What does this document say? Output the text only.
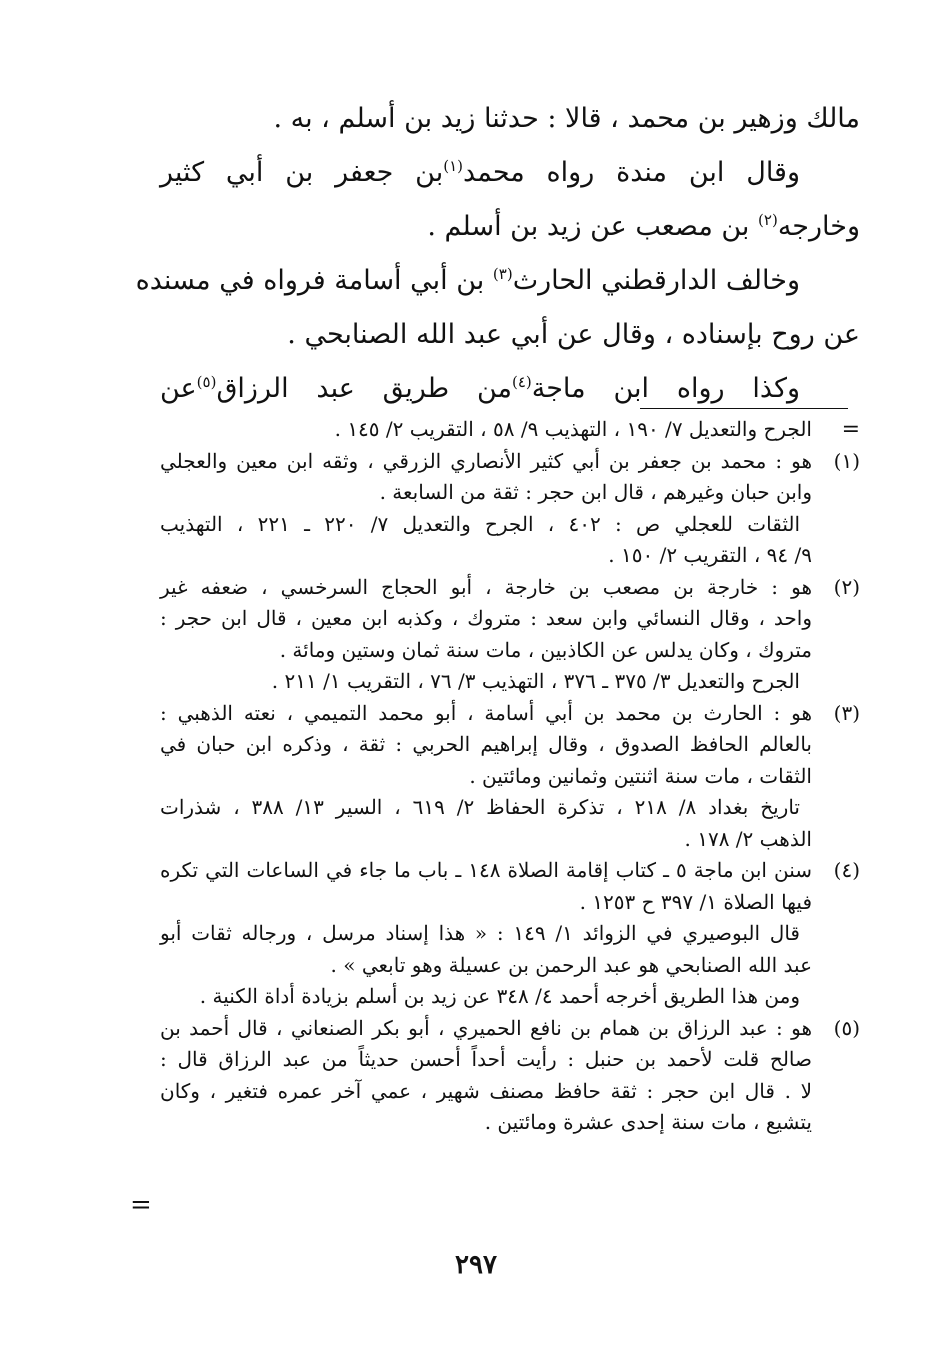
مالك وزهير بن محمد ، قالا : حدثنا زيد بن أسلم ، به .
وقال ابن مندة رواه محمد$^{(١)}$بن جعفر بن أبي كثير
وخارجه$^{(٢)}$ بن مصعب عن زيد بن أسلم .
وخالف الدارقطني الحارث$^{(٣)}$ بن أبي أسامة فرواه في مسنده
عن روح بإسناده ، وقال عن أبي عبد الله الصنابحي .
وكذا رواه ابن ماجة$^{(٤)}$من طريق عبد الرزاق$^{(٥)}$عن
=
الجرح والتعديل ٧/ ١٩٠ ، التهذيب ٩/ ٥٨ ، التقريب ٢/ ١٤٥ .
(١)
هو : محمد بن جعفر بن أبي كثير الأنصاري الزرقي ، وثقه ابن معين والعجلي
وابن حبان وغيرهم ، قال ابن حجر : ثقة من السابعة .
الثقات للعجلي ص : ٤٠٢ ، الجرح والتعديل ٧/ ٢٢٠ ـ ٢٢١ ، التهذيب
٩/ ٩٤ ، التقريب ٢/ ١٥٠ .
(٢)
هو : خارجة بن مصعب بن خارجة ، أبو الحجاج السرخسي ، ضعفه غير
واحد ، وقال النسائي وابن سعد : متروك ، وكذبه ابن معين ، قال ابن حجر :
متروك ، وكان يدلس عن الكاذبين ، مات سنة ثمان وستين ومائة .
الجرح والتعديل ٣/ ٣٧٥ ـ ٣٧٦ ، التهذيب ٣/ ٧٦ ، التقريب ١/ ٢١١ .
(٣)
هو : الحارث بن محمد بن أبي أسامة ، أبو محمد التميمي ، نعته الذهبي :
بالعالم الحافظ الصدوق ، وقال إبراهيم الحربي : ثقة ، وذكره ابن حبان في
الثقات ، مات سنة اثنتين وثمانين ومائتين .
تاريخ بغداد ٨/ ٢١٨ ، تذكرة الحفاظ ٢/ ٦١٩ ، السير ١٣/ ٣٨٨ ، شذرات
الذهب ٢/ ١٧٨ .
(٤)
سنن ابن ماجة ٥ ـ كتاب إقامة الصلاة ١٤٨ ـ باب ما جاء في الساعات التي تكره
فيها الصلاة ١/ ٣٩٧ ح ١٢٥٣ .
قال البوصيري في الزوائد ١/ ١٤٩ : « هذا إسناد مرسل ، ورجاله ثقات أبو
عبد الله الصنابحي هو عبد الرحمن بن عسيلة وهو تابعي » .
ومن هذا الطريق أخرجه أحمد ٤/ ٣٤٨ عن زيد بن أسلم بزيادة أداة الكنية .
(٥)
هو : عبد الرزاق بن همام بن نافع الحميري ، أبو بكر الصنعاني ، قال أحمد بن
صالح قلت لأحمد بن حنبل : رأيت أحداً أحسن حديثاً من عبد الرزاق قال :
لا . قال ابن حجر : ثقة حافظ مصنف شهير ، عمي آخر عمره فتغير ، وكان
يتشيع ، مات سنة إحدى عشرة ومائتين .
=
٢٩٧
